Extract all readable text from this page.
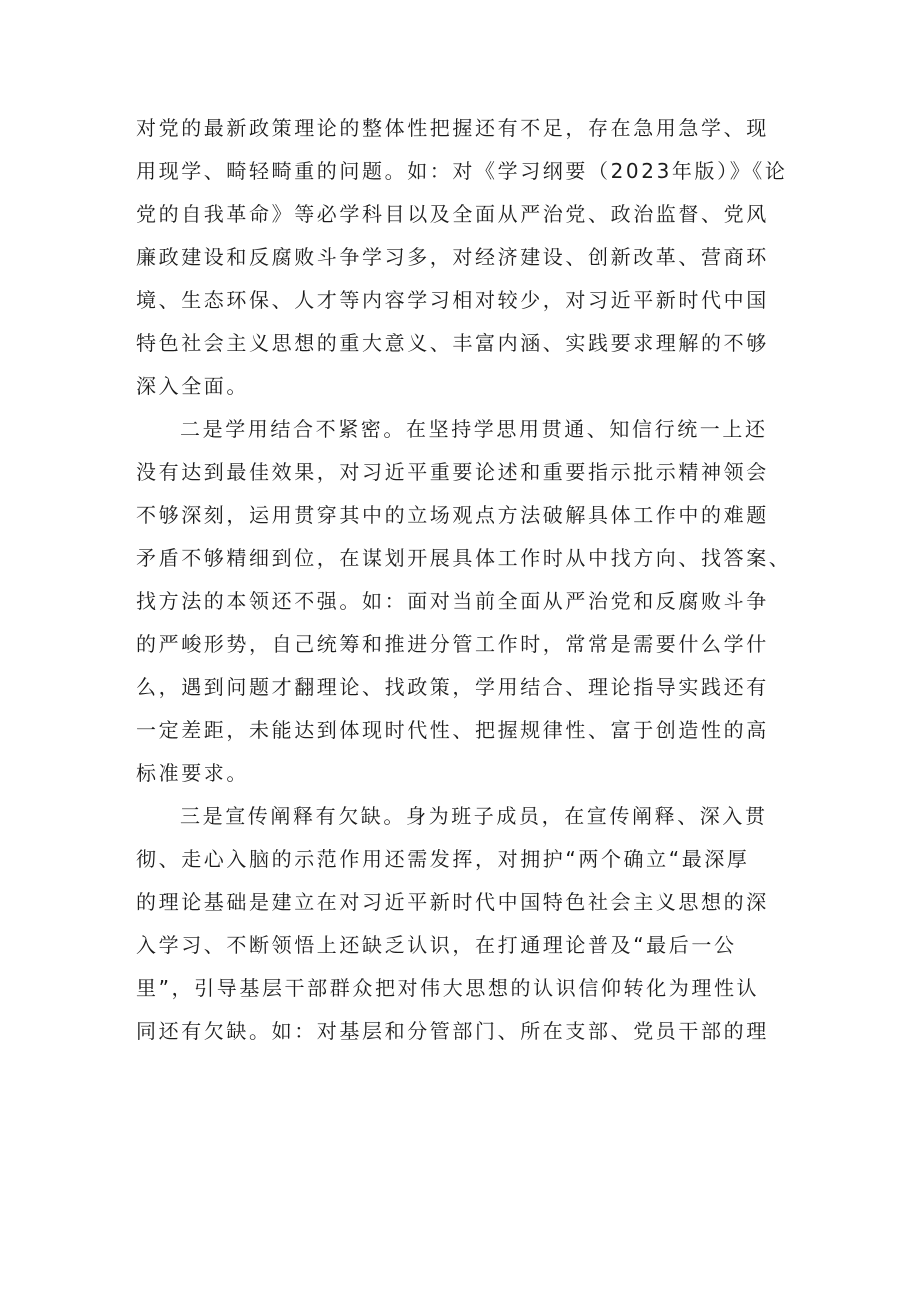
对党的最新政策理论的整体性把握还有不足，存在急用急学、现
用现学、畸轻畸重的问题。如：对《学习纲要（2023年版）》《论
党的自我革命》等必学科目以及全面从严治党、政治监督、党风
廉政建设和反腐败斗争学习多，对经济建设、创新改革、营商环
境、生态环保、人才等内容学习相对较少，对习近平新时代中国
特色社会主义思想的重大意义、丰富内涵、实践要求理解的不够
深入全面。
二是学用结合不紧密。在坚持学思用贯通、知信行统一上还
没有达到最佳效果，对习近平重要论述和重要指示批示精神领会
不够深刻，运用贯穿其中的立场观点方法破解具体工作中的难题
矛盾不够精细到位，在谋划开展具体工作时从中找方向、找答案、
找方法的本领还不强。如：面对当前全面从严治党和反腐败斗争
的严峻形势，自己统筹和推进分管工作时，常常是需要什么学什
么，遇到问题才翻理论、找政策，学用结合、理论指导实践还有
一定差距，未能达到体现时代性、把握规律性、富于创造性的高
标准要求。
三是宣传阐释有欠缺。身为班子成员，在宣传阐释、深入贯
彻、走心入脑的示范作用还需发挥，对拥护“两个确立“最深厚
的理论基础是建立在对习近平新时代中国特色社会主义思想的深
入学习、不断领悟上还缺乏认识，在打通理论普及“最后一公
里”，引导基层干部群众把对伟大思想的认识信仰转化为理性认
同还有欠缺。如：对基层和分管部门、所在支部、党员干部的理
